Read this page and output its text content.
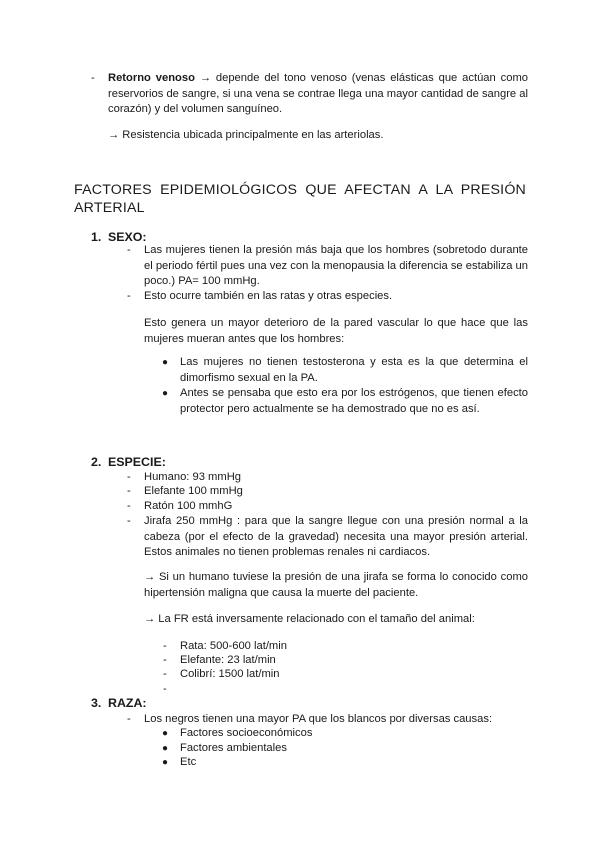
- Retorno venoso → depende del tono venoso (venas elásticas que actúan como reservorios de sangre, si una vena se contrae llega una mayor cantidad de sangre al corazón) y del volumen sanguíneo.
→ Resistencia ubicada principalmente en las arteriolas.
FACTORES EPIDEMIOLÓGICOS QUE AFECTAN A LA PRESIÓN ARTERIAL
1. SEXO:
- Las mujeres tienen la presión más baja que los hombres (sobretodo durante el periodo fértil pues una vez con la menopausia la diferencia se estabiliza un poco.) PA= 100 mmHg.
- Esto ocurre también en las ratas y otras especies.
Esto genera un mayor deterioro de la pared vascular lo que hace que las mujeres mueran antes que los hombres:
● Las mujeres no tienen testosterona y esta es la que determina el dimorfismo sexual en la PA.
● Antes se pensaba que esto era por los estrógenos, que tienen efecto protector pero actualmente se ha demostrado que no es así.
2. ESPECIE:
- Humano: 93 mmHg
- Elefante 100 mmHg
- Ratón 100 mmhG
- Jirafa 250 mmHg : para que la sangre llegue con una presión normal a la cabeza (por el efecto de la gravedad) necesita una mayor presión arterial. Estos animales no tienen problemas renales ni cardiacos.
→ Si un humano tuviese la presión de una jirafa se forma lo conocido como hipertensión maligna que causa la muerte del paciente.
→ La FR está inversamente relacionado con el tamaño del animal:
- Rata: 500-600 lat/min
- Elefante: 23 lat/min
- Colibrí: 1500 lat/min
-
3. RAZA:
- Los negros tienen una mayor PA que los blancos por diversas causas:
● Factores socioeconómicos
● Factores ambientales
● Etc
